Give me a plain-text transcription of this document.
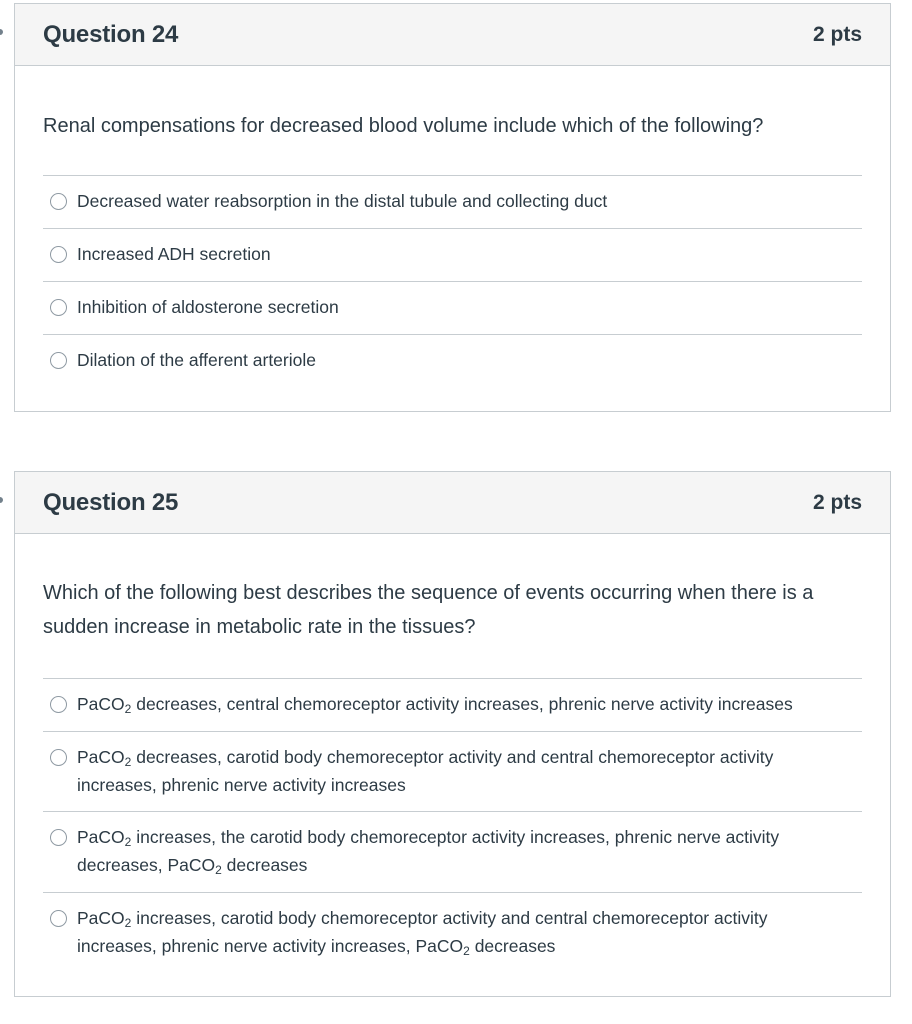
Question 24	2 pts
Renal compensations for decreased blood volume include which of the following?
Decreased water reabsorption in the distal tubule and collecting duct
Increased ADH secretion
Inhibition of aldosterone secretion
Dilation of the afferent arteriole
Question 25	2 pts
Which of the following best describes the sequence of events occurring when there is a sudden increase in metabolic rate in the tissues?
PaCO$_2$ decreases, central chemoreceptor activity increases, phrenic nerve activity increases
PaCO$_2$ decreases, carotid body chemoreceptor activity and central chemoreceptor activity increases, phrenic nerve activity increases
PaCO$_2$ increases, the carotid body chemoreceptor activity increases, phrenic nerve activity decreases, PaCO$_2$ decreases
PaCO$_2$ increases, carotid body chemoreceptor activity and central chemoreceptor activity increases, phrenic nerve activity increases, PaCO$_2$ decreases
